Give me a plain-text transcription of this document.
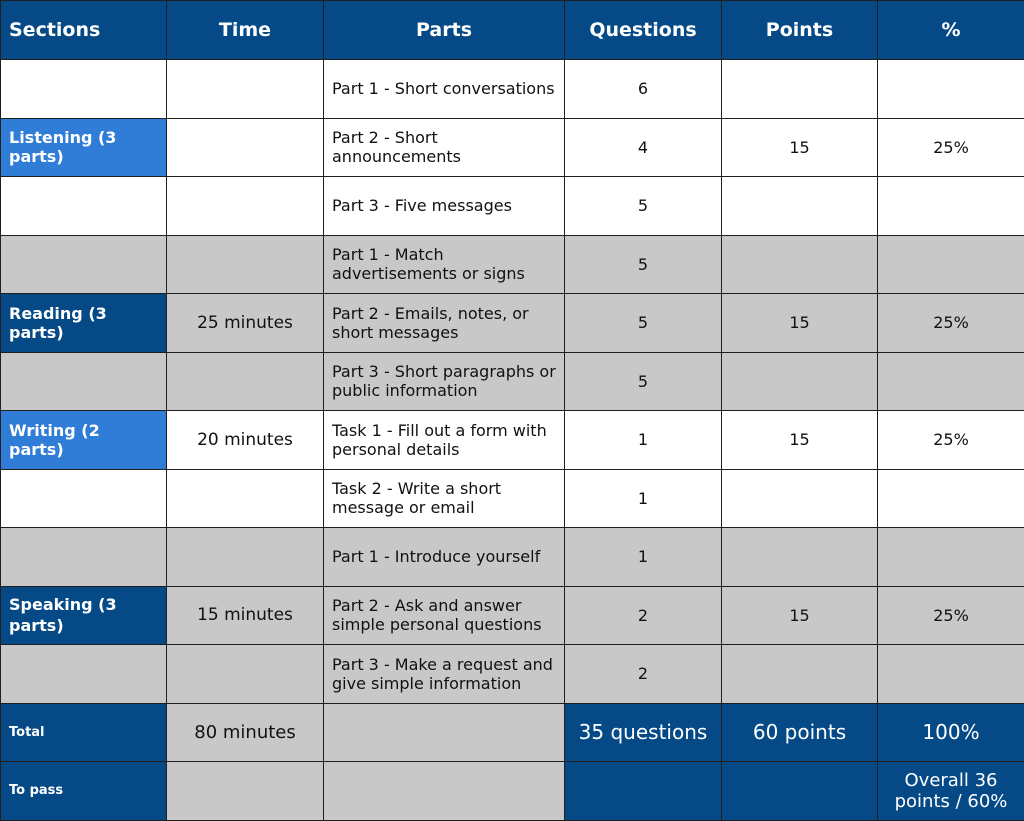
Sections	Time	Parts	Questions	Points	%
		Part 1 - Short conversations	6		
Listening (3 parts)		Part 2 - Short announcements	4	15	25%
		Part 3 - Five messages	5		
		Part 1 - Match advertisements or signs	5		
Reading (3 parts)	25 minutes	Part 2 - Emails, notes, or short messages	5	15	25%
		Part 3 - Short paragraphs or public information	5		
Writing (2 parts)	20 minutes	Task 1 - Fill out a form with personal details	1	15	25%
		Task 2 - Write a short message or email	1		
		Part 1 - Introduce yourself	1		
Speaking (3 parts)	15 minutes	Part 2 - Ask and answer simple personal questions	2	15	25%
		Part 3 - Make a request and give simple information	2		
Total	80 minutes		35 questions	60 points	100%
To pass					Overall 36 points / 60%
